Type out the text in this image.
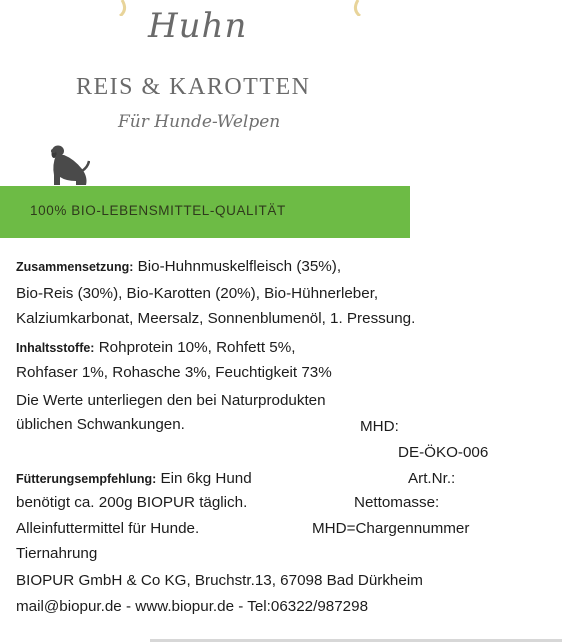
Huhn
REIS & KAROTTEN
Für Hunde-Welpen
100% BIO-LEBENSMITTEL-QUALITÄT
Zusammensetzung: Bio-Huhnmuskelfleisch (35%),
Bio-Reis (30%), Bio-Karotten (20%), Bio-Hühnerleber,
Kalziumkarbonat, Meersalz, Sonnenblumenöl, 1. Pressung.
Inhaltsstoffe: Rohprotein 10%, Rohfett 5%,
Rohfaser 1%, Rohasche 3%, Feuchtigkeit 73%
Die Werte unterliegen den bei Naturprodukten
üblichen Schwankungen.	MHD:
DE-ÖKO-006
Fütterungsempfehlung: Ein 6kg Hund	Art.Nr.:
benötigt ca. 200g BIOPUR täglich.	Nettomasse:
Alleinfuttermittel für Hunde.	MHD=Chargennummer
Tiernahrung
BIOPUR GmbH & Co KG, Bruchstr.13, 67098 Bad Dürkheim
mail@biopur.de - www.biopur.de - Tel:06322/987298
